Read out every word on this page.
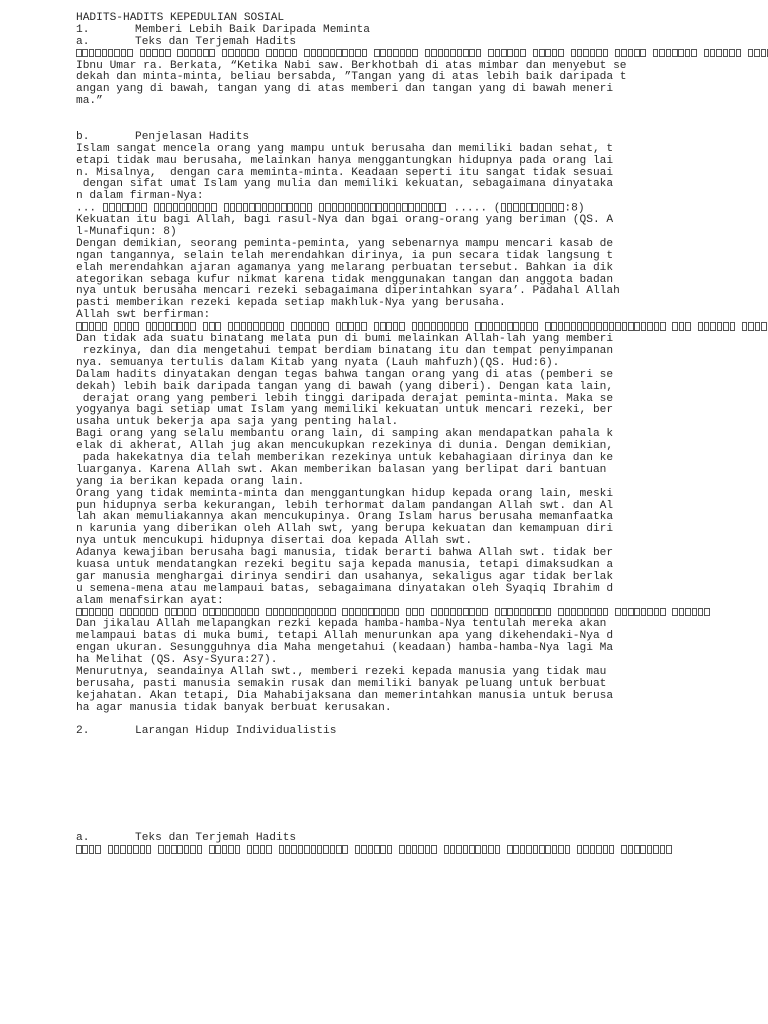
HADITS-HADITS KEPEDULIAN SOSIAL
1.	Memberi Lebih Baik Daripada Meminta
a.	Teks dan Terjemah Hadits
Ibnu Umar ra. Berkata, “Ketika Nabi saw. Berkhotbah di atas mimbar dan menyebut se
dekah dan minta-minta, beliau bersabda, ”Tangan yang di atas lebih baik daripada t
angan yang di bawah, tangan yang di atas memberi dan tangan yang di bawah meneri
ma.”
b.	Penjelasan Hadits
Islam sangat mencela orang yang mampu untuk berusaha dan memiliki badan sehat, t
etapi tidak mau berusaha, melainkan hanya menggantungkan hidupnya pada orang lai
n. Misalnya,  dengan cara meminta-minta. Keadaan seperti itu sangat tidak sesuai
dengan sifat umat Islam yang mulia dan memiliki kekuatan, sebagaimana dinyataka
n dalam firman-Nya:
...	..... (	:8)
Kekuatan itu bagi Allah, bagi rasul-Nya dan bgai orang-orang yang beriman (QS. A
l-Munafiqun: 8)
Dengan demikian, seorang peminta-peminta, yang sebenarnya mampu mencari kasab de
ngan tangannya, selain telah merendahkan dirinya, ia pun secara tidak langsung t
elah merendahkan ajaran agamanya yang melarang perbuatan tersebut. Bahkan ia dik
ategorikan sebaga kufur nikmat karena tidak menggunakan tangan dan anggota badan
nya untuk berusaha mencari rezeki sebagaimana diperintahkan syara’. Padahal Allah
pasti memberikan rezeki kepada setiap makhluk-Nya yang berusaha.
Allah swt berfirman:
Dan tidak ada suatu binatang melata pun di bumi melainkan Allah-lah yang memberi
rezkinya, dan dia mengetahui tempat berdiam binatang itu dan tempat penyimpanan
nya. semuanya tertulis dalam Kitab yang nyata (Lauh mahfuzh)(QS. Hud:6).
Dalam hadits dinyatakan dengan tegas bahwa tangan orang yang di atas (pemberi se
dekah) lebih baik daripada tangan yang di bawah (yang diberi). Dengan kata lain,
derajat orang yang pemberi lebih tinggi daripada derajat peminta-minta. Maka se
yogyanya bagi setiap umat Islam yang memiliki kekuatan untuk mencari rezeki, ber
usaha untuk bekerja apa saja yang penting halal.
Bagi orang yang selalu membantu orang lain, di samping akan mendapatkan pahala k
elak di akherat, Allah jug akan mencukupkan rezekinya di dunia. Dengan demikian,
pada hakekatnya dia telah memberikan rezekinya untuk kebahagiaan dirinya dan ke
luarganya. Karena Allah swt. Akan memberikan balasan yang berlipat dari bantuan
yang ia berikan kepada orang lain.
Orang yang tidak meminta-minta dan menggantungkan hidup kepada orang lain, meski
pun hidupnya serba kekurangan, lebih terhormat dalam pandangan Allah swt. dan Al
lah akan memuliakannya akan mencukupinya. Orang Islam harus berusaha memanfaatka
n karunia yang diberikan oleh Allah swt, yang berupa kekuatan dan kemampuan diri
nya untuk mencukupi hidupnya disertai doa kepada Allah swt.
Adanya kewajiban berusaha bagi manusia, tidak berarti bahwa Allah swt. tidak ber
kuasa untuk mendatangkan rezeki begitu saja kepada manusia, tetapi dimaksudkan a
gar manusia menghargai dirinya sendiri dan usahanya, sekaligus agar tidak berlak
u semena-mena atau melampaui batas, sebagaimana dinyatakan oleh Syaqiq Ibrahim d
alam menafsirkan ayat:
Dan jikalau Allah melapangkan rezki kepada hamba-hamba-Nya tentulah mereka akan
melampaui batas di muka bumi, tetapi Allah menurunkan apa yang dikehendaki-Nya d
engan ukuran. Sesungguhnya dia Maha mengetahui (keadaan) hamba-hamba-Nya lagi Ma
ha Melihat (QS. Asy-Syura:27).
Menurutnya, seandainya Allah swt., memberi rezeki kepada manusia yang tidak mau
berusaha, pasti manusia semakin rusak dan memiliki banyak peluang untuk berbuat
kejahatan. Akan tetapi, Dia Mahabijaksana dan memerintahkan manusia untuk berusa
ha agar manusia tidak banyak berbuat kerusakan.
2.	Larangan Hidup Individualistis
a.	Teks dan Terjemah Hadits
